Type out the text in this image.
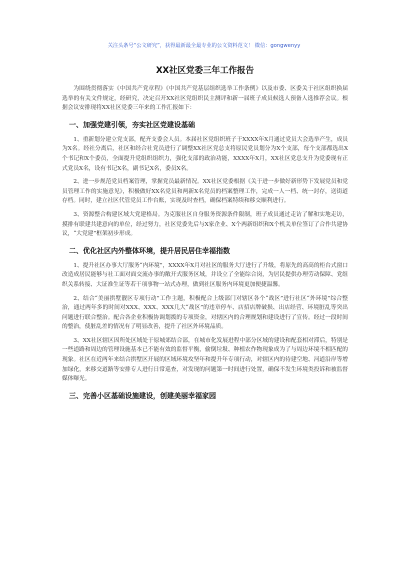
关注头条号“公文研究”，获得最新最全最专业的公文资料范文！ 微信：gongwenyy
XX社区党委三年工作报告

为围绕贯彻落实《中国共产党章程》《中国共产党基层组织选举工作条例》以及市委、区委关于社区组织换届选举的有关文件规定，经研究，决定召开XX社区党组织民主测评和新一届班子成员候选人预备人选推荐会议。根据会议安排现将XX社区党委三年来的工作汇报如下：

一、加强党建引领，夯实社区党建设基础

1、重新划分建立党支部，配齐支委会人员。本届社区党组织班子于XXXX年X月通过党员大会选举产生，成员为X名。经社分离后，社区和经合社党员进行了调整XX社区党总支将原民党员划分为X个支部，每个支部都选出X个书记和X个委员，全面提升党组织组织力，强化支部的政治功能，XXXX年X月，XX社区党总支升为党委现有正式党员X名，设有书记X名，副书记X名，委员X名。

2、进一步规范党员档案管理，掌握党员最新情况。XX社区党委根据《关于进一步做好新形势下发展党员和党员管理工作的实施意见》，积极做好XX名党员和两新X名党员的档案整理工作，完成一人一档、统一封存，送街道存档。同时，建立社区代管党员工作台账，实现及时查档，确保档案特续和移交顺利进行。

3、资源整合构建区域大党建格局。为克服社区自身服务资源条件限制，班子成员通过走访了解和实地走访，摸排有联建共建意向的单位，经过努力，社区党委先后与X家企业、X个两新组织和X个机关单位签订了合作共建协议，“大党建”框架初步形成。

二、优化社区内外整体环境，提升居民居住幸福指数

1、提升社区办事大厅服务“内环境”，XXXX年X月对社区的服务大厅进行了升级，将原先的高高的柜台式窗口改造成居民能够与社工面对面交流办事的敞开式服务区域，并设立了全能综合岗，为居民提供办理劳动保障、党组织关系转接、大证准生证等若干项事物一站式办理，做到社区服务内环境更加便捷温馨。

2、结合“美丽拱墅靓区专项行动”工作主题，积极配合上级部门对辖区各个“战区”进行社区“外环境”综合整治，通过两年多的时间对XXX、XXX、XXX几大“战区”的违章停车、店招店牌破损、出店经营、环境脏乱等突出问题进行联合整治。配合各企业积极协调划拨的专项资金，对辖区内的合理规划和建设进行了宣传。经过一段时间的整治，使脏乱差的情况有了明显改善，提升了社区外环境品质。

3、XX社区辖区因所处区域处于原城郊结合部，在城市化发展进程中部分区域的建设和配套相对滞后，特别是一些道路和周边的管理设施基本已不能有效的监督平衡，偷倒垃圾、种植农作物现象成为了与周边环境不相匹配的现象。社区在近两年来结合拱墅区开展的区域环境攻坚年和提升年专项行动，对辖区内的待建空地、河道沿岸等增加绿化，来移交道路等安排专人进行日常巡查，对发现的问题第一时间进行处置，确保不发生环境类投诉和被监督媒体曝光。

三、完善小区基础设施建设，创建美丽幸福家园
